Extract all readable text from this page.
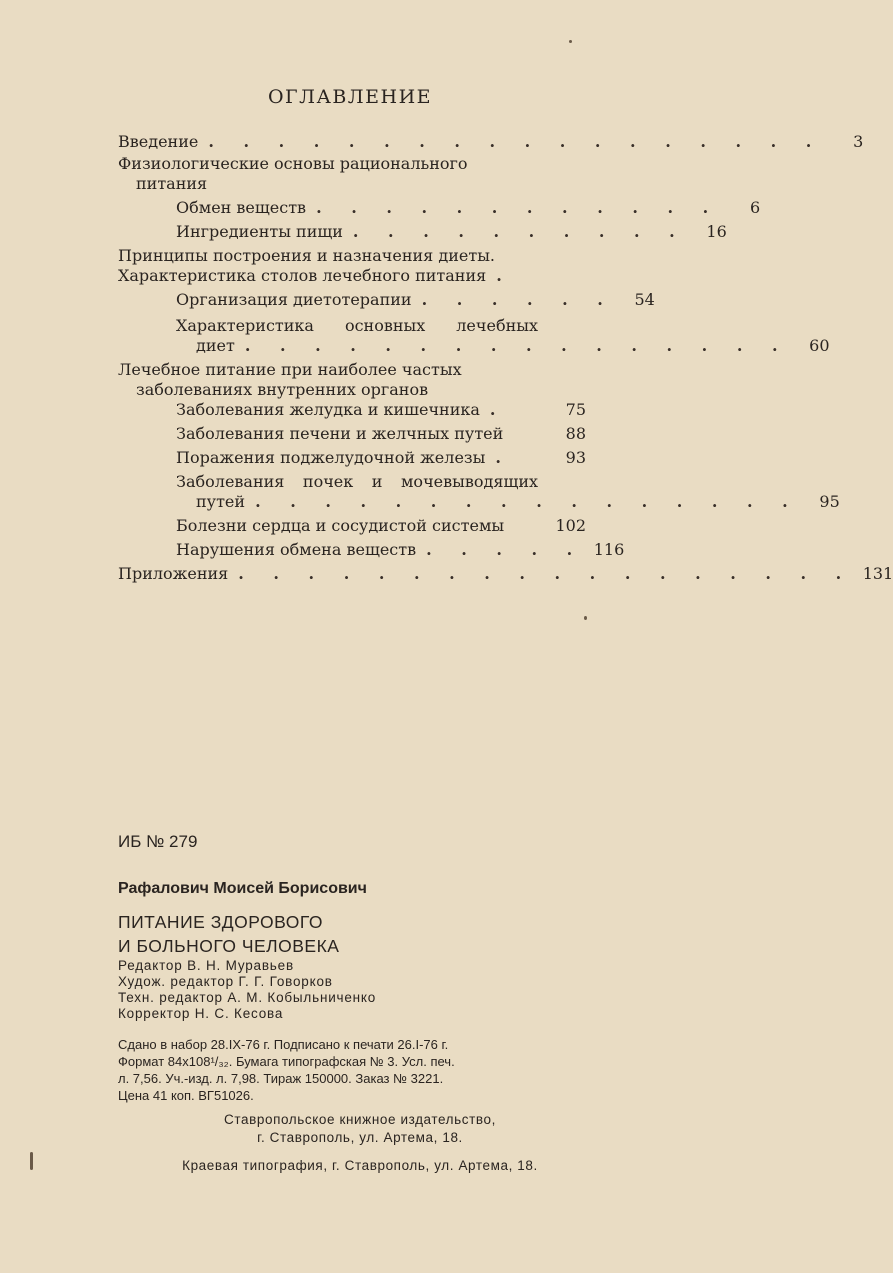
ОГЛАВЛЕНИЕ
Введение . . . . . . . . . . . . . . . . . .	3
Физиологические основы рационального
питания
Обмен веществ . . . . . . . . . . . .	6
Ингредиенты пищи . . . . . . . . . .	16
Принципы построения и назначения диеты.
Характеристика столов лечебного питания .
Организация диетотерапии . . . . . .	54
Характеристика основных лечебных
диет . . . . . . . . . . . . . . . .	60
Лечебное питание при наиболее частых
заболеваниях внутренних органов
Заболевания желудка и кишечника .	75
Заболевания печени и желчных путей	88
Поражения поджелудочной железы .	93
Заболевания почек и мочевыводящих
путей . . . . . . . . . . . . . . . .	95
Болезни сердца и сосудистой системы	102
Нарушения обмена веществ . . . . . 116
Приложения . . . . . . . . . . . . . . . . . . 131
ИБ № 279
Рафалович Моисей Борисович
ПИТАНИЕ ЗДОРОВОГО
И БОЛЬНОГО ЧЕЛОВЕКА
Редактор В. Н. Муравьев
Худож. редактор Г. Г. Говорков
Техн. редактор А. М. Кобыльниченко
Корректор Н. С. Кесова
Сдано в набор 28.IX-76 г. Подписано к печати 26.I-76 г.
Формат 84х108¹/₃₂. Бумага типографская № 3. Усл. печ.
л. 7,56. Уч.-изд. л. 7,98. Тираж 150000. Заказ № 3221.
Цена 41 коп. ВГ51026.
Ставропольское книжное издательство,
г. Ставрополь, ул. Артема, 18.
Краевая типография, г. Ставрополь, ул. Артема, 18.
